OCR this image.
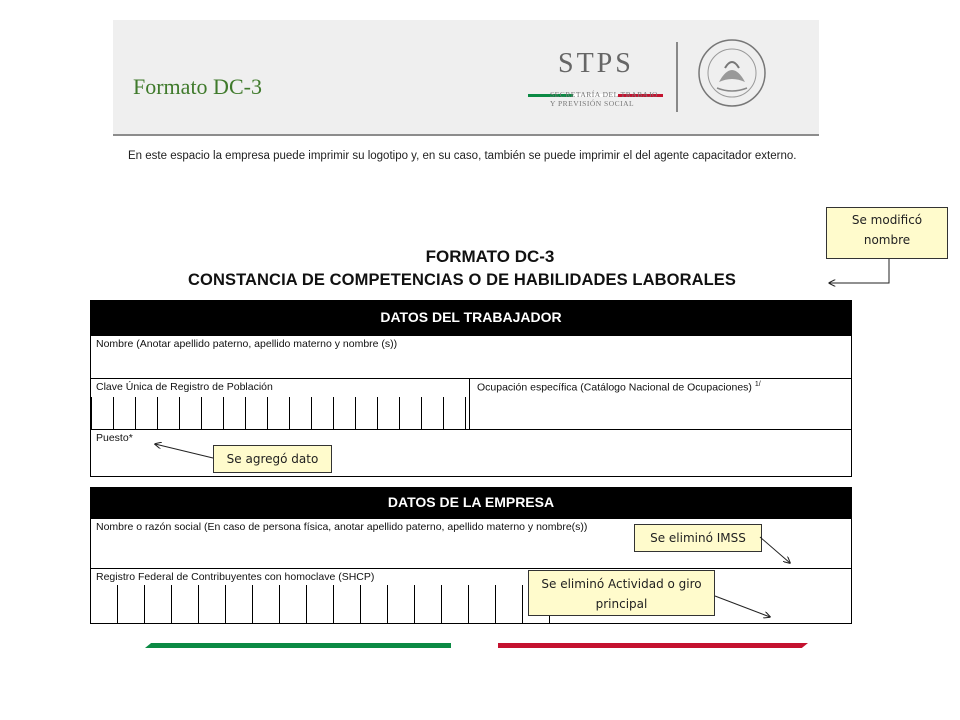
Formato DC-3
STPS
SECRETARÍA DEL TRABAJO
Y PREVISIÓN SOCIAL
En este espacio la empresa puede imprimir su logotipo y, en su caso, también se puede imprimir el del agente capacitador externo.
FORMATO DC-3
CONSTANCIA DE COMPETENCIAS O DE HABILIDADES LABORALES
DATOS DEL TRABAJADOR
Nombre (Anotar apellido paterno, apellido materno y nombre (s))
Clave Única de Registro de Población	Ocupación específica (Catálogo Nacional de Ocupaciones) $^{1/}$
Puesto*
DATOS DE LA EMPRESA
Nombre o razón social (En caso de persona física, anotar apellido paterno, apellido materno y nombre(s))
Registro Federal de Contribuyentes con homoclave (SHCP)
Se modificó nombre
Se agregó dato
Se eliminó IMSS
Se eliminó Actividad o giro principal
